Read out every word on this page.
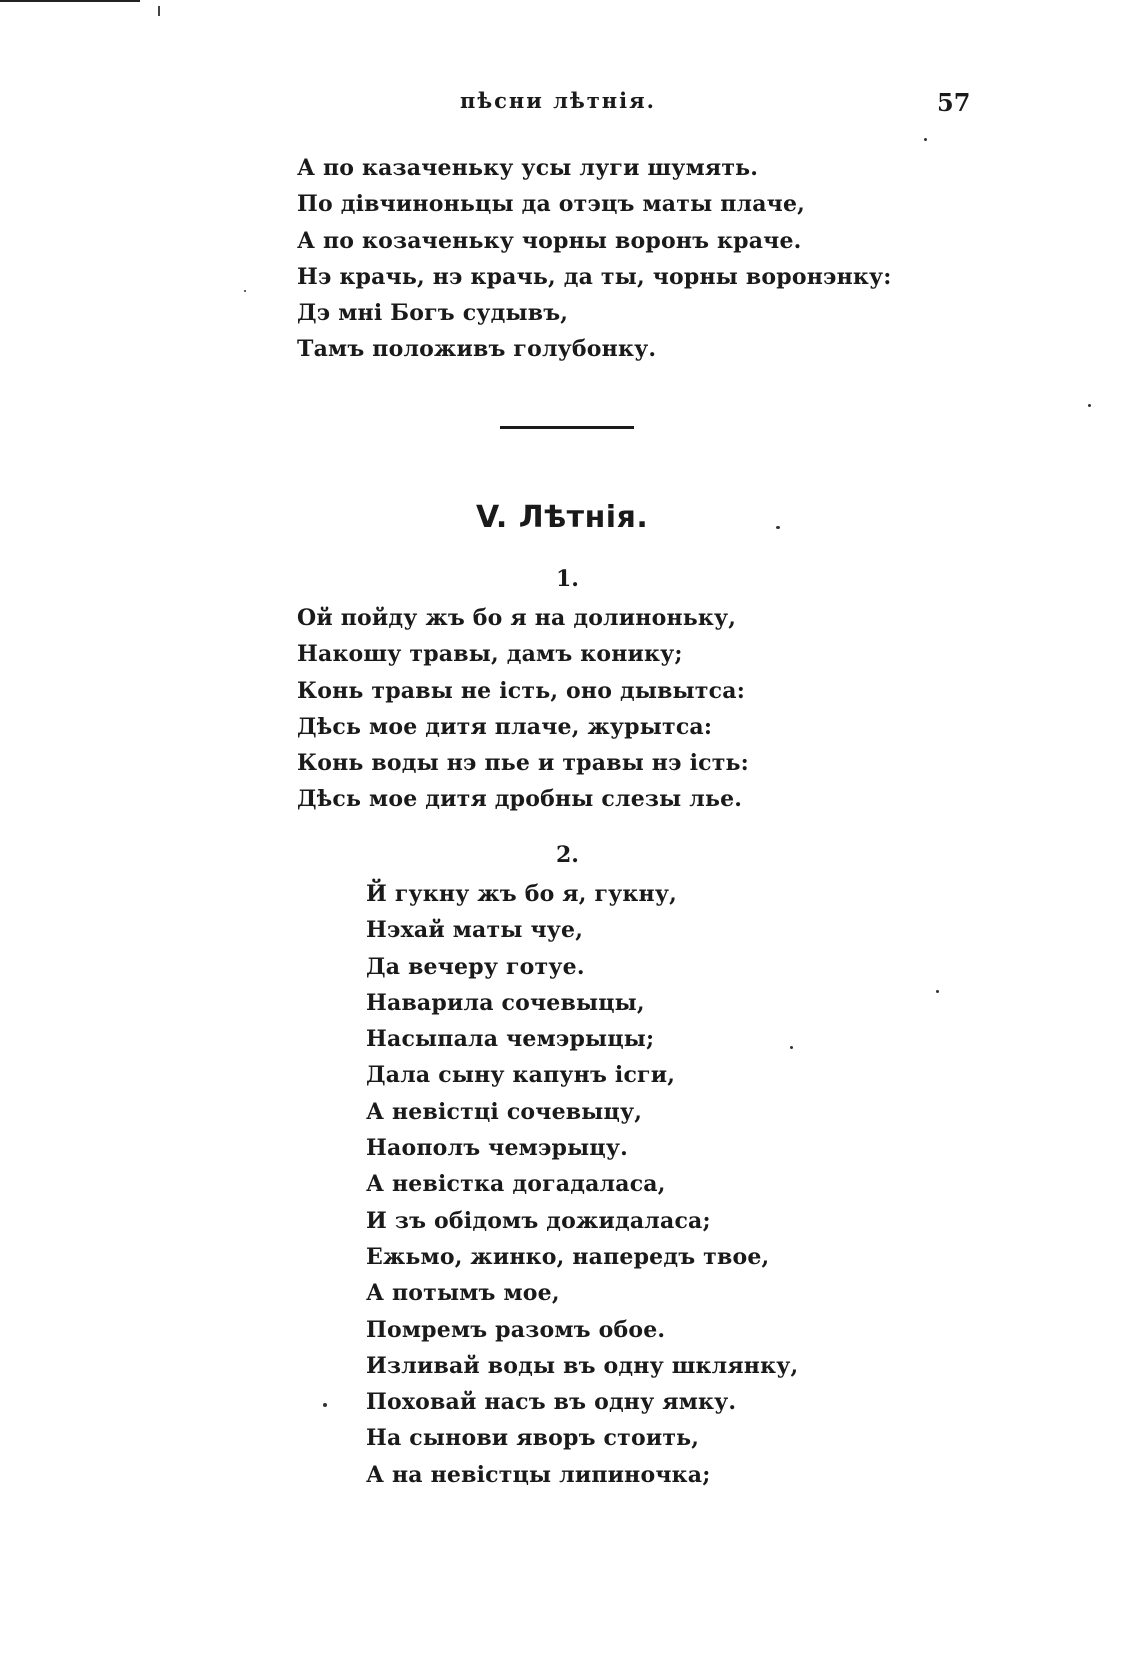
пѣсни лѣтнія.	57
А по казаченьку усы луги шумять.
По дівчиноньцы да отэцъ маты плаче,
А по козаченьку чорны воронъ краче.
Нэ крачь, нэ крачь, да ты, чорны воронэнку:
Дэ мні Богъ судывъ,
Тамъ положивъ голубонку.
V. Лѣтнія.
1.
Ой пойду жъ бо я на долиноньку,
Накошу травы, дамъ конику;
Конь травы не ість, оно дывытса:
Дѣсь мое дитя плаче, журытса:
Конь воды нэ пье и травы нэ ість:
Дѣсь мое дитя дробны слезы лье.
2.
Й гукну жъ бо я, гукну,
Нэхай маты чуе,
Да вечеру готуе.
Наварила сочевыцы,
Насыпала чемэрыцы;
Дала сыну капунъ ісги,
А невістці сочевыцу,
Наополъ чемэрыцу.
А невістка догадаласа,
И зъ обідомъ дожидаласа;
Ежьмо, жинко, напередъ твое,
А потымъ мое,
Помремъ разомъ обое.
Изливай воды въ одну шклянку,
Поховай насъ въ одну ямку.
На сынови яворъ стоить,
А на невістцы липиночка;
